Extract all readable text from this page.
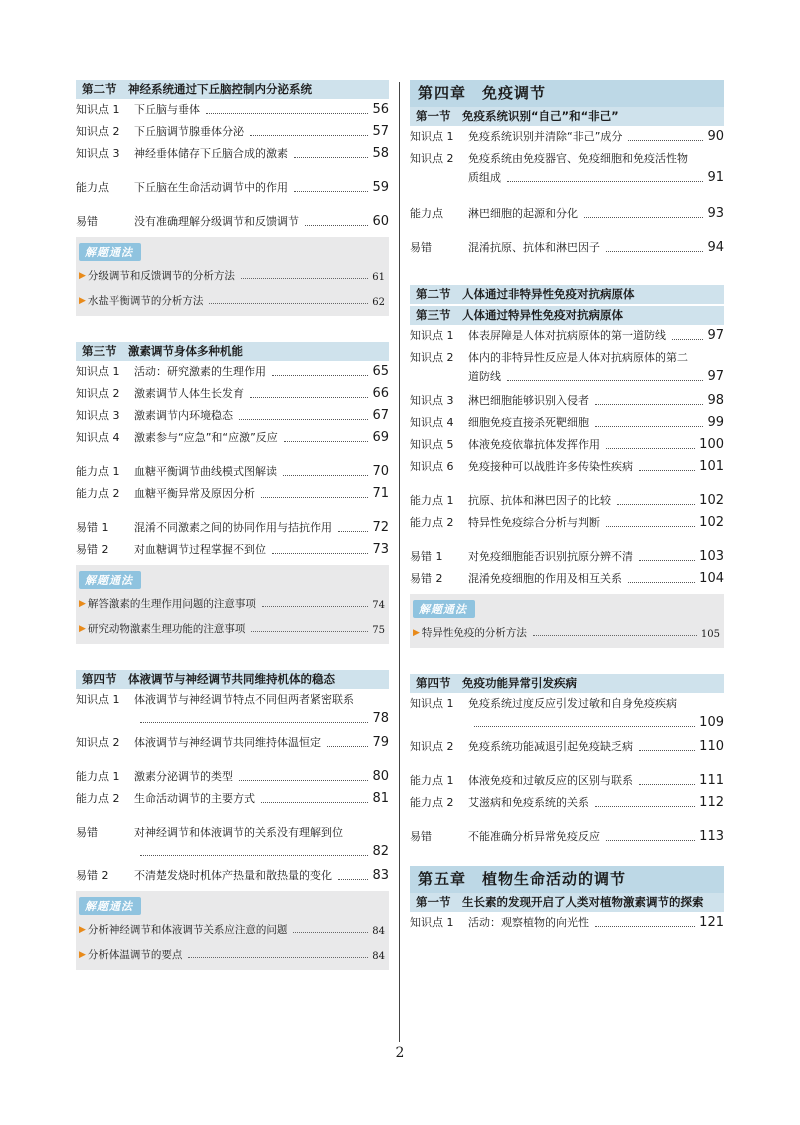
第二节　神经系统通过下丘脑控制内分泌系统
知识点 1	下丘脑与垂体	56
知识点 2	下丘脑调节腺垂体分泌	57
知识点 3	神经垂体储存下丘脑合成的激素	58
能力点	下丘脑在生命活动调节中的作用	59
易错	没有准确理解分级调节和反馈调节	60
解题通法
▶ 分级调节和反馈调节的分析方法	61
▶ 水盐平衡调节的分析方法	62
第三节　激素调节身体多种机能
知识点 1	活动：研究激素的生理作用	65
知识点 2	激素调节人体生长发育	66
知识点 3	激素调节内环境稳态	67
知识点 4	激素参与“应急”和“应激”反应	69
能力点 1	血糖平衡调节曲线模式图解读	70
能力点 2	血糖平衡异常及原因分析	71
易错 1	混淆不同激素之间的协同作用与拮抗作用	72
易错 2	对血糖调节过程掌握不到位	73
解题通法
▶ 解答激素的生理作用问题的注意事项	74
▶ 研究动物激素生理功能的注意事项	75
第四节　体液调节与神经调节共同维持机体的稳态
知识点 1	体液调节与神经调节特点不同但两者紧密联系
78
知识点 2	体液调节与神经调节共同维持体温恒定	79
能力点 1	激素分泌调节的类型	80
能力点 2	生命活动调节的主要方式	81
易错	对神经调节和体液调节的关系没有理解到位
82
易错 2	不清楚发烧时机体产热量和散热量的变化	83
解题通法
▶ 分析神经调节和体液调节关系应注意的问题	84
▶ 分析体温调节的要点	84
第四章　免疫调节
第一节　免疫系统识别“自己”和“非己”
知识点 1	免疫系统识别并清除“非己”成分	90
知识点 2	免疫系统由免疫器官、免疫细胞和免疫活性物
质组成	91
能力点	淋巴细胞的起源和分化	93
易错	混淆抗原、抗体和淋巴因子	94
第二节　人体通过非特异性免疫对抗病原体
第三节　人体通过特异性免疫对抗病原体
知识点 1	体表屏障是人体对抗病原体的第一道防线	97
知识点 2	体内的非特异性反应是人体对抗病原体的第二
道防线	97
知识点 3	淋巴细胞能够识别入侵者	98
知识点 4	细胞免疫直接杀死靶细胞	99
知识点 5	体液免疫依靠抗体发挥作用	100
知识点 6	免疫接种可以战胜许多传染性疾病	101
能力点 1	抗原、抗体和淋巴因子的比较	102
能力点 2	特异性免疫综合分析与判断	102
易错 1	对免疫细胞能否识别抗原分辨不清	103
易错 2	混淆免疫细胞的作用及相互关系	104
解题通法
▶ 特异性免疫的分析方法	105
第四节　免疫功能异常引发疾病
知识点 1	免疫系统过度反应引发过敏和自身免疫疾病
109
知识点 2	免疫系统功能减退引起免疫缺乏病	110
能力点 1	体液免疫和过敏反应的区别与联系	111
能力点 2	艾滋病和免疫系统的关系	112
易错	不能准确分析异常免疫反应	113
第五章　植物生命活动的调节
第一节　生长素的发现开启了人类对植物激素调节的探索
知识点 1	活动：观察植物的向光性	121
2
